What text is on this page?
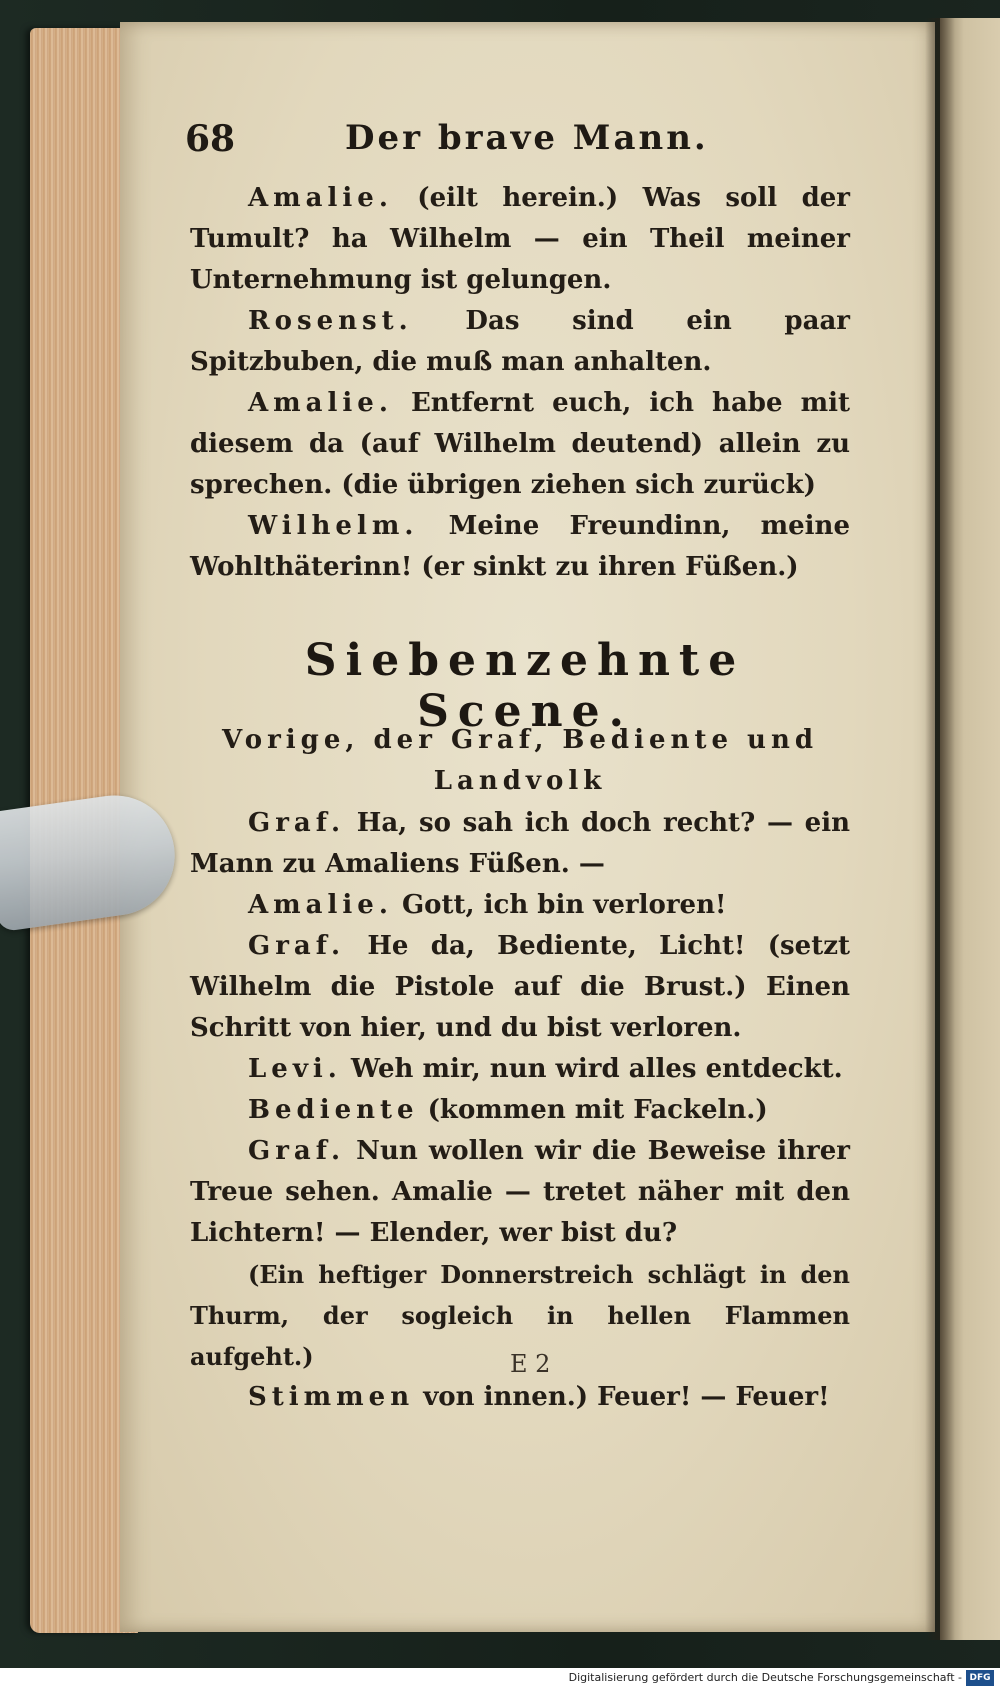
68	Der brave Mann.

Amalie. (eilt herein.) Was soll der Tumult? ha Wilhelm — ein Theil meiner Unternehmung ist gelungen.

Rosenst. Das sind ein paar Spitzbuben, die muß man anhalten.

Amalie. Entfernt euch, ich habe mit diesem da (auf Wilhelm deutend) allein zu sprechen. (die übrigen ziehen sich zurück)

Wilhelm. Meine Freundinn, meine Wohlthäterinn! (er sinkt zu ihren Füßen.)

Siebenzehnte Scene.
Vorige, der Graf, Bediente und Landvolk

Graf. Ha, so sah ich doch recht? — ein Mann zu Amaliens Füßen. —

Amalie. Gott, ich bin verloren!

Graf. He da, Bediente, Licht! (setzt Wilhelm die Pistole auf die Brust.) Einen Schritt von hier, und du bist verloren.

Levi. Weh mir, nun wird alles entdeckt.

Bediente (kommen mit Fackeln.)

Graf. Nun wollen wir die Beweise ihrer Treue sehen. Amalie — tretet näher mit den Lichtern! — Elender, wer bist du?

(Ein heftiger Donnerstreich schlägt in den Thurm, der sogleich in hellen Flammen aufgeht.)

Stimmen von innen.) Feuer! — Feuer!

E 2
Digitalisierung gefördert durch die Deutsche Forschungsgemeinschaft - DFG
